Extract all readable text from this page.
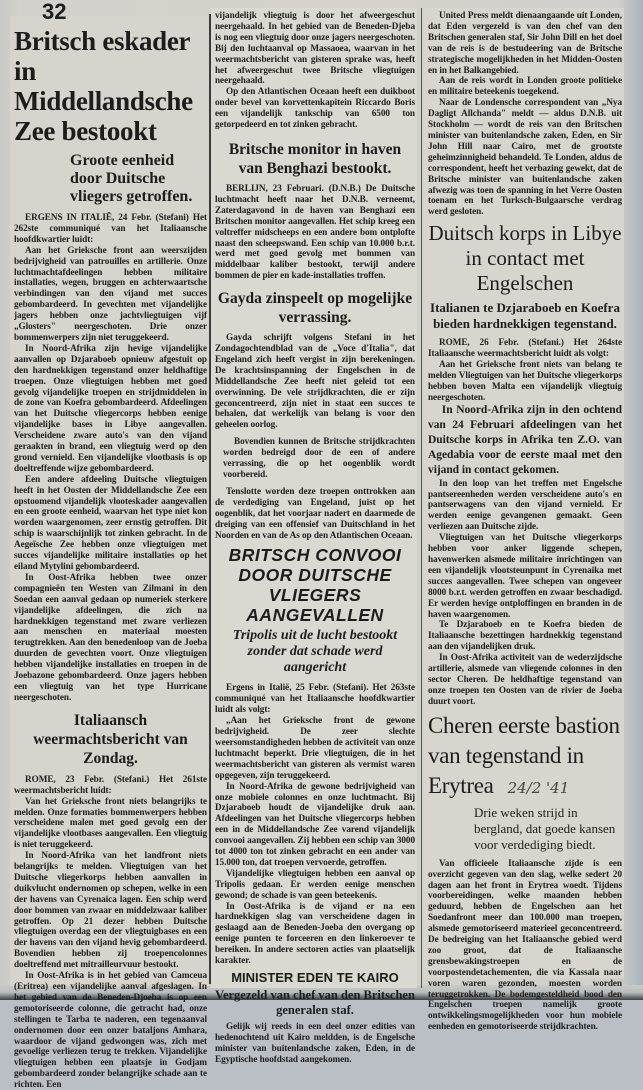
32
Britsch eskader in Middellandsche Zee bestookt
Groote eenheid door Duitsche vliegers getroffen.

ERGENS IN ITALIË, 24 Febr. (Stefani) Het 262ste communiqué van het Italiaansche hoofdkwartier luidt:

Aan het Grieksche front aan weerszijden bedrijvigheid van patrouilles en artillerie. Onze luchtmachtafdeelingen hebben militaire installaties, wegen, bruggen en achterwaartsche verbindingen van den vijand met succes gebombardeerd. In gevechten met vijandelijke jagers hebben onze jachtvliegtuigen vijf „Glosters" neergeschoten. Drie onzer bommenwerpers zijn niet teruggekeerd.

In Noord-Afrika zijn hevige vijandelijke aanvallen op Dzjaraboeb opnieuw afgestuit op den hardnekkigen tegenstand onzer heldhaftige troepen. Onze vliegtuigen hebben met goed gevolg vijandelijke troepen en strijdmiddelen in de zone van Koefra gebombardeerd. Afdeelingen van het Duitsche vliegercorps hebben eenige vijandelijke bases in Libye aangevallen. Verscheidene zware auto's van den vijand geraakten in brand, een vliegtuig werd op den grond vernield. Een vijandelijke vlootbasis is op doeltreffende wijze gebombardeerd.

Een andere afdeeling Duitsche vliegtuigen heeft in het Oosten der Middellandsche Zee een opstoomend vijandelijk vlooteskader aangevallen en een groote eenheid, waarvan het type niet kon worden waargenomen, zeer ernstig getroffen. Dit schip is waarschijnlijk tot zinken gebracht. In de Aegeïsche Zee hebben onze vliegtuigen met succes vijandelijke militaire installaties op het eiland Mytylini gebombardeerd.

In Oost-Afrika hebben twee onzer compagnieën ten Westen van Zilmani in den Soedan een aanval gedaan op numeriek sterkere vijandelijke afdeelingen, die zich na hardnekkigen tegenstand met zware verliezen aan menschen en materiaal moesten terugtrekken. Aan den benedenloop van de Joeba duurden de gevechten voort. Onze vliegtuigen hebben vijandelijke installaties en troepen in de Joebazone gebombardeerd. Onze jagers hebben een vliegtuig van het type Hurricane neergeschoten.

Italiaansch weermachtsbericht van Zondag.

ROME, 23 Febr. (Stefani.) Het 261ste weermachtsbericht luidt:

Van het Grieksche front niets belangrijks te melden. Onze formaties bommenwerpers hebben verscheidene malen met goed gevolg een der vijandelijke vlootbases aangevallen. Een vliegtuig is niet teruggekeerd.

In Noord-Afrika van het landfront niets belangrijks te melden. Vliegtuigen van het Duitsche vliegerkorps hebben aanvallen in duikvlucht ondernomen op schepen, welke in een der havens van Cyrenaica lagen. Een schip werd door bommen van zwaar en middelzwaar kaliber getroffen. Op 21 dezer hebben Duitsche vliegtuigen overdag een der vliegtuigbases en een der havens van den vijand hevig gebombardeerd. Bovendien hebben zij troepencolonnes doeltreffend met mitrailleurvuur bestookt.

In Oost-Afrika is in het gebied van Camceua (Eritrea) een vijandelijke aanval afgeslagen. In het gebied van de Beneden-Djoeba is op een gemotoriseerde colonne, die getracht had, onze stellingen te Tarba te naderen, een tegenaanval ondernomen door een onzer bataljons Amhara, waardoor de vijand gedwongen was, zich met gevoelige verliezen terug te trekken. Vijandelijke vliegtuigen hebben een plaatsje in Godjam gebombardeerd zonder belangrijke schade aan te richten. Een

vijandelijk vliegtuig is door het afweergeschut neergehaald. In het gebied van de Beneden-Djeba is nog een vliegtuig door onze jagers neergeschoten. Bij den luchtaanval op Massaoea, waarvan in het weermachtsbericht van gisteren sprake was, heeft het afweergeschut twee Britsche vliegtuigen neergehaald.

Op den Atlantischen Oceaan heeft een duikboot onder bevel van korvettenkapitein Riccardo Boris een vijandelijk tankschip van 6500 ton getorpedeerd en tot zinken gebracht.

Britsche monitor in haven van Benghazi bestookt.

BERLIJN, 23 Februari. (D.N.B.) De Duitsche luchtmacht heeft naar het D.N.B. verneemt, Zaterdagavond in de haven van Benghazi een Britschen monitor aangevallen. Het schip kreeg een voltreffer midscheeps en een andere bom ontplofte naast den scheepswand. Een schip van 10.000 b.r.t. werd met goed gevolg met bommen van middelbaar kaliber bestookt, terwijl andere bommen de pier en kade-installaties troffen.

Gayda zinspeelt op mogelijke verrassing.

Gayda schrijft volgens Stefani in het Zondagochtendblad van de „Voce d'Italia", dat Engeland zich heeft vergist in zijn berekeningen. De krachtsinspanning der Engelschen in de Middellandsche Zee heeft niet geleid tot een overwinning. De vele strijdkrachten, die er zijn geconcentreerd, zijn niet in staat een succes te behalen, dat werkelijk van belang is voor den geheelen oorlog.

Bovendien kunnen de Britsche strijdkrachten worden bedreigd door de een of andere verrassing, die op het oogenblik wordt voorbereid.

Tenslotte worden deze troepen onttrokken aan de verdediging van Engeland, juist op het oogenblik, dat het voorjaar nadert en daarmede de dreiging van een offensief van Duitschland in het Noorden en van de As op den Atlantischen Oceaan.

BRITSCH CONVOOI DOOR DUITSCHE VLIEGERS AANGEVALLEN
Tripolis uit de lucht bestookt zonder dat schade werd aangericht

Ergens in Italië, 25 Febr. (Stefani). Het 263ste communiqué van het Italiaansche hoofdkwartier luidt als volgt:

„Aan het Grieksche front de gewone bedrijvigheid. De zeer slechte weersomstandigheden hebben de activiteit van onze luchtmacht beperkt. Drie vliegtuigen, die in het weermachtsbericht van gisteren als vermist waren opgegeven, zijn teruggekeerd.

In Noord-Afrika de gewone bedrijvigheid van onze mobiele colonnes en onze luchtmacht. Bij Dzjaraboeb houdt de vijandelijke druk aan. Afdeelingen van het Duitsche vliegercorps hebben een in de Middellandsche Zee varend vijandelijk convooi aangevallen. Zij hebben een schip van 3000 tot 4000 ton tot zinken gebracht en een ander van 15.000 ton, dat troepen vervoerde, getroffen.

Vijandelijke vliegtuigen hebben een aanval op Tripolis gedaan. Er werden eenige menschen gewond; de schade is van geen beteekenis.

In Oost-Afrika is de vijand er na een hardnekkigen slag van verscheidene dagen in geslaagd aan de Beneden-Joeba den overgang op eenige punten te forceeren en den linkeroever te bereiken. In andere sectoren acties van plaatselijk karakter.

MINISTER EDEN TE KAIRO
Vergezeld van chef van den Britschen generalen staf.

Gelijk wij reeds in een deel onzer edities van hedenochtend uit Kairo meldden, is de Engelsche minister van buitenlandsche zaken, Eden, in de Egyptische hoofdstad aangekomen.

United Press meldt dienaangaande uit Londen, dat Eden vergezeld is van den chef van den Britschen generalen staf, Sir John Dill en het doel van de reis is de bestudeering van de Britsche strategische mogelijkheden in het Midden-Oosten en in het Balkangebied.

Aan de reis wordt in Londen groote politieke en militaire beteekenis toegekend.

Naar de Londensche correspondent van „Nya Dagligt Allchanda" meldt — aldus D.N.B. uit Stockholm — wordt de reis van den Britschen minister van buitenlandsche zaken, Eden, en Sir John Hill naar Cairo, met de grootste geheimzinnigheid behandeld. Te Londen, aldus de correspondent, heeft het verbazing gewekt, dat de Britsche minister van buitenlandsche zaken afwezig was toen de spanning in het Verre Oosten toenam en het Turksch-Bulgaarsche verdrag werd gesloten.

Duitsch korps in Libye in contact met Engelschen
Italianen te Dzjaraboeb en Koefra bieden hardnekkigen tegenstand.

ROME, 26 Febr. (Stefani.) Het 264ste Italiaansche weermachtsbericht luidt als volgt:

Aan het Grieksche front niets van belang te melden Vliegtuigen van het Duitsche vliegerkorps hebben boven Malta een vijandelijk vliegtuig neergeschoten.

In Noord-Afrika zijn in den ochtend van 24 Februari afdeelingen van het Duitsche korps in Afrika ten Z.O. van Agedabia voor de eerste maal met den vijand in contact gekomen.

In den loop van het treffen met Engelsche pantsereenheden werden verscheidene auto's en pantserwagens van den vijand vernield. Er werden eenige gevangenen gemaakt. Geen verliezen aan Duitsche zijde.

Vliegtuigen van het Duitsche vliegerkorps hebben voor anker liggende schepen, havenwerken alsmede militaire inrichtingen van een vijandelijk vlootsteunpunt in Cyrenaika met succes aangevallen. Twee schepen van ongeveer 8000 b.r.t. werden getroffen en zwaar beschadigd. Er werden hevige ontploffingen en branden in de haven waargenomen.

Te Dzjaraboeb en te Koefra bieden de Italiaansche bezettingen hardnekkig tegenstand aan den vijandelijken druk.

In Oost-Afrika activiteit van de wederzijdsche artillerie, alsmede van vliegende colonnes in den sector Cheren. De heldhaftige tegenstand van onze troepen ten Oosten van de rivier de Joeba duurt voort.

Cheren eerste bastion van tegenstand in Erytrea 24/2 '41
Drie weken strijd in bergland, dat goede kansen voor verdediging biedt.

Van officieele Italiaansche zijde is een overzicht gegeven van den slag, welke sedert 20 dagen aan het front in Erytrea woedt. Tijdens voorbereidingen, welke maanden hebben geduurd, hebben de Engelschen aan het Soedanfront meer dan 100.000 man troepen, alsmede gemotoriseerd materieel geconcentreerd. De bedreiging van het Italiaansche gebied werd zoo groot, dat de Italiaansche grensbewakingstroepen en de voorpostendetachementen, die via Kassala naar voren waren gezonden, moesten worden teruggetrokken. De bodemgesteldheid bood den Engelschen troepen namelijk groote ontwikkelingsmogelijkheden voor hun mobiele eenheden en gemotoriseerde strijdkrachten.
